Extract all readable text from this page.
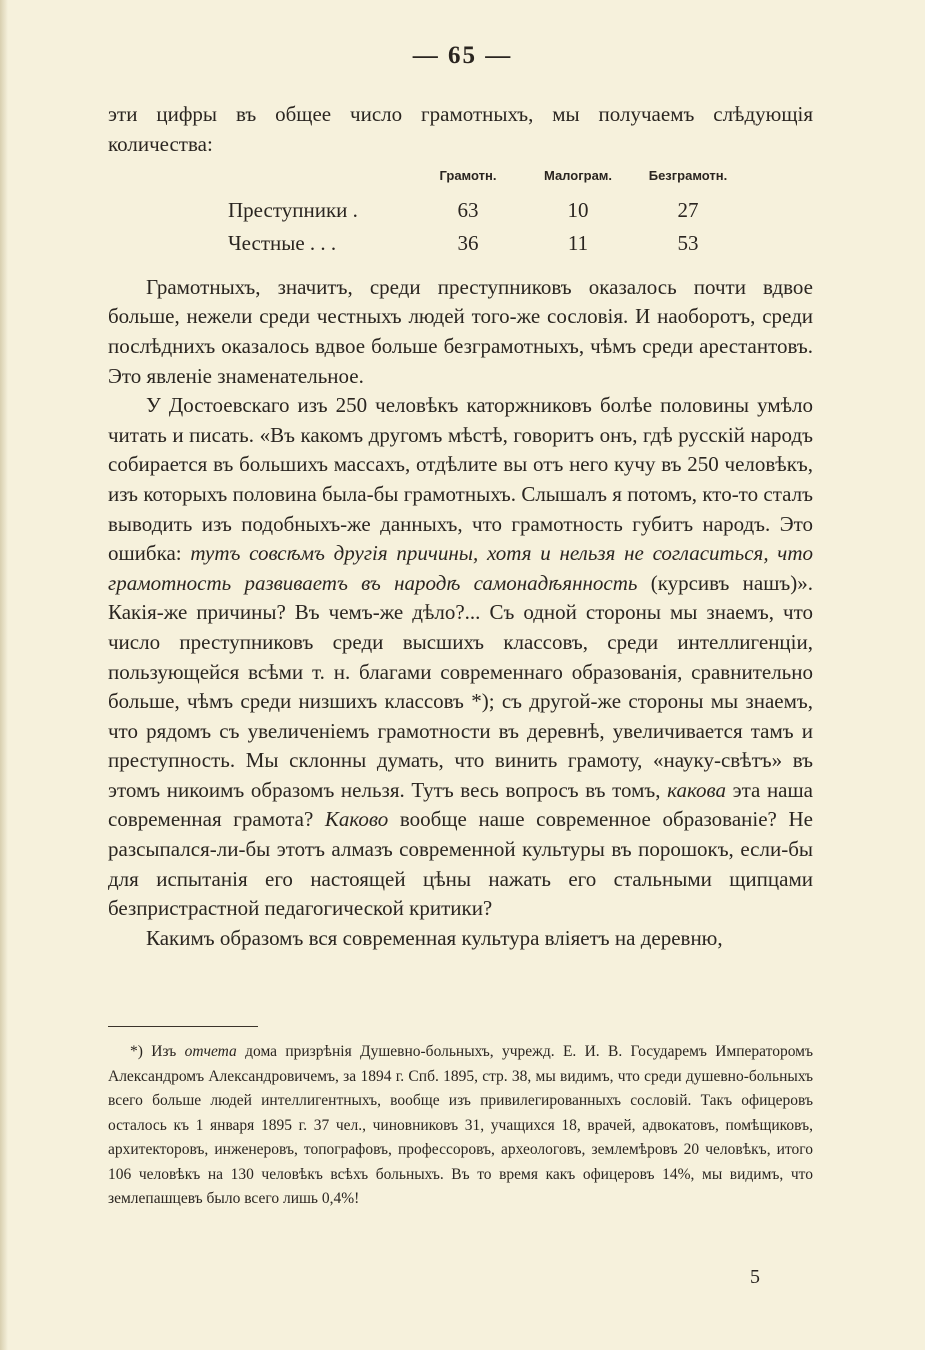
— 65 —

эти цифры въ общее число грамотныхъ, мы получаемъ слѣдующія количества:

	Грамотн.	Малограм.	Безграмотн.
Преступники .	63	10	27
Честные . . .	36	11	53

Грамотныхъ, значитъ, среди преступниковъ оказалось почти вдвое больше, нежели среди честныхъ людей того-же сословія. И наоборотъ, среди послѣднихъ оказалось вдвое больше безграмотныхъ, чѣмъ среди арестантовъ. Это явленіе знаменательное.

У Достоевскаго изъ 250 человѣкъ каторжниковъ болѣе половины умѣло читать и писать. «Въ какомъ другомъ мѣстѣ, говоритъ онъ, гдѣ русскій народъ собирается въ большихъ массахъ, отдѣлите вы отъ него кучу въ 250 человѣкъ, изъ которыхъ половина была-бы грамотныхъ. Слышалъ я потомъ, кто-то сталъ выводить изъ подобныхъ-же данныхъ, что грамотность губитъ народъ. Это ошибка: тутъ совсѣмъ другія причины, хотя и нельзя не согласиться, что грамотность развиваетъ въ народѣ самонадѣянность (курсивъ нашъ)». Какія-же причины? Въ чемъ-же дѣло?... Съ одной стороны мы знаемъ, что число преступниковъ среди высшихъ классовъ, среди интеллигенціи, пользующейся всѣми т. н. благами современнаго образованія, сравнительно больше, чѣмъ среди низшихъ классовъ *); съ другой-же стороны мы знаемъ, что рядомъ съ увеличеніемъ грамотности въ деревнѣ, увеличивается тамъ и преступность. Мы склонны думать, что винить грамоту, «науку-свѣтъ» въ этомъ никоимъ образомъ нельзя. Тутъ весь вопросъ въ томъ, какова эта наша современная грамота? Каково вообще наше современное образованіе? Не разсыпался-ли-бы этотъ алмазъ современной культуры въ порошокъ, если-бы для испытанія его настоящей цѣны нажать его стальными щипцами безпристрастной педагогической критики?

Какимъ образомъ вся современная культура вліяетъ на деревню,

*) Изъ отчета дома призрѣнія Душевно-больныхъ, учрежд. Е. И. В. Государемъ Императоромъ Александромъ Александровичемъ, за 1894 г. Спб. 1895, стр. 38, мы видимъ, что среди душевно-больныхъ всего больше людей интеллигентныхъ, вообще изъ привилегированныхъ сословій. Такъ офицеровъ осталось къ 1 января 1895 г. 37 чел., чиновниковъ 31, учащихся 18, врачей, адвокатовъ, помѣщиковъ, архитекторовъ, инженеровъ, топографовъ, профессоровъ, археологовъ, землемѣровъ 20 человѣкъ, итого 106 человѣкъ на 130 человѣкъ всѣхъ больныхъ. Въ то время какъ офицеровъ 14%, мы видимъ, что землепашцевъ было всего лишь 0,4%!

5
